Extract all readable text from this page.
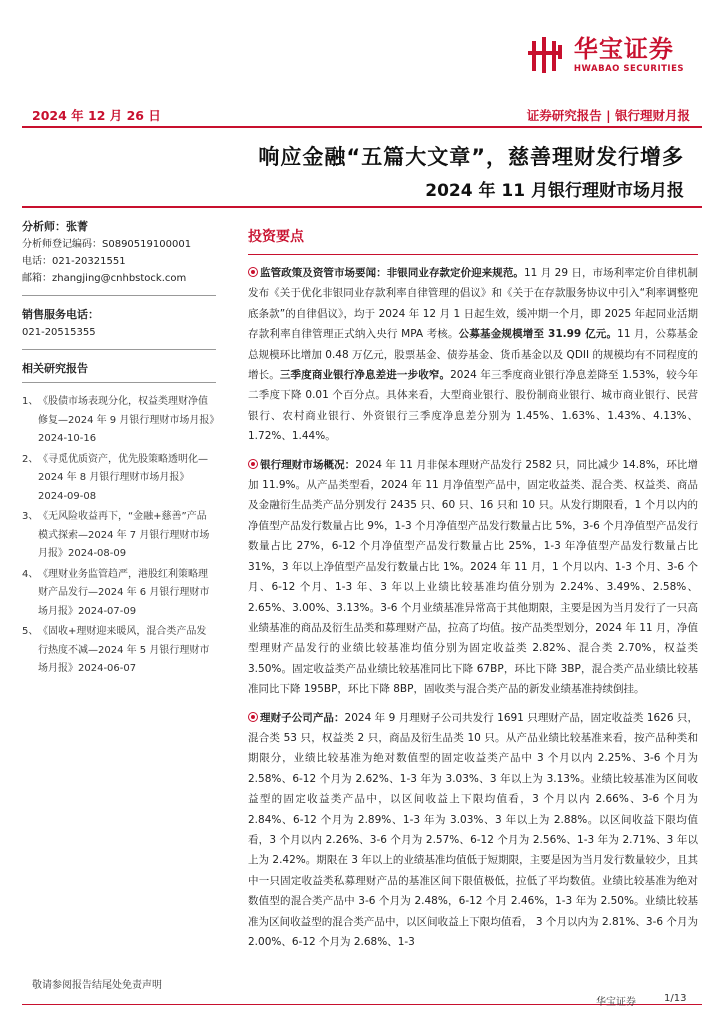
华宝证券
HWABAO SECURITIES
2024 年 12 月 26 日	证券研究报告 | 银行理财月报
响应金融“五篇大文章”，慈善理财发行增多
2024 年 11 月银行理财市场月报
分析师：张菁
分析师登记编码：S0890519100001
电话：021-20321551
邮箱：zhangjing@cnhbstock.com
销售服务电话：
021-20515355
相关研究报告
1、 《股债市场表现分化，权益类理财净值修复—2024 年 9 月银行理财市场月报》2024-10-16
2、 《寻觅优质资产，优先股策略透明化—2024 年 8 月银行理财市场月报》2024-09-08
3、 《无风险收益再下，“金融+慈善”产品模式探索—2024 年 7 月银行理财市场月报》2024-08-09
4、 《理财业务监管趋严，港股红利策略理财产品发行—2024 年 6 月银行理财市场月报》2024-07-09
5、 《固收+理财迎来暖风，混合类产品发行热度不减—2024 年 5 月银行理财市场月报》2024-06-07
投资要点

监管政策及资管市场要闻：非银同业存款定价迎来规范。11 月 29 日，市场利率定价自律机制发布《关于优化非银同业存款利率自律管理的倡议》和《关于在存款服务协议中引入“利率调整兜底条款”的自律倡议》，均于 2024 年 12 月 1 日起生效，缓冲期一个月，即 2025 年起同业活期存款利率自律管理正式纳入央行 MPA 考核。公募基金规模增至 31.99 亿元。11 月，公募基金总规模环比增加 0.48 万亿元，股票基金、债券基金、货币基金以及 QDII 的规模均有不同程度的增长。三季度商业银行净息差进一步收窄。2024 年三季度商业银行净息差降至 1.53%，较今年二季度下降 0.01 个百分点。具体来看，大型商业银行、股份制商业银行、城市商业银行、民营银行、农村商业银行、外资银行三季度净息差分别为 1.45%、1.63%、1.43%、4.13%、1.72%、1.44%。

银行理财市场概况：2024 年 11 月非保本理财产品发行 2582 只，同比减少 14.8%，环比增加 11.9%。从产品类型看，2024 年 11 月净值型产品中，固定收益类、混合类、权益类、商品及金融衍生品类产品分别发行 2435 只、60 只、16 只和 10 只。从发行期限看，1 个月以内的净值型产品发行数量占比 9%，1-3 个月净值型产品发行数量占比 5%，3-6 个月净值型产品发行数量占比 27%，6-12 个月净值型产品发行数量占比 25%，1-3 年净值型产品发行数量占比 31%，3 年以上净值型产品发行数量占比 1%。2024 年 11 月，1 个月以内、1-3 个月、3-6 个月、6-12 个月、1-3 年、3 年以上业绩比较基准均值分别为 2.24%、3.49%、2.58%、2.65%、3.00%、3.13%。3-6 个月业绩基准异常高于其他期限，主要是因为当月发行了一只高业绩基准的商品及衍生品类和募理财产品，拉高了均值。按产品类型划分，2024 年 11 月，净值型理财产品发行的业绩比较基准均值分别为固定收益类 2.82%、混合类 2.70%，权益类 3.50%。固定收益类产品业绩比较基准同比下降 67BP，环比下降 3BP，混合类产品业绩比较基准同比下降 195BP，环比下降 8BP，固收类与混合类产品的新发业绩基准持续倒挂。

理财子公司产品：2024 年 9 月理财子公司共发行 1691 只理财产品，固定收益类 1626 只，混合类 53 只，权益类 2 只，商品及衍生品类 10 只。从产品业绩比较基准来看，按产品种类和期限分，业绩比较基准为绝对数值型的固定收益类产品中 3 个月以内 2.25%、3-6 个月为 2.58%、6-12 个月为 2.62%、1-3 年为 3.03%、3 年以上为 3.13%。业绩比较基准为区间收益型的固定收益类产品中，以区间收益上下限均值看，3 个月以内 2.66%、3-6 个月为 2.84%、6-12 个月为 2.89%、1-3 年为 3.03%、3 年以上为 2.88%。以区间收益下限均值看，3 个月以内 2.26%、3-6 个月为 2.57%、6-12 个月为 2.56%、1-3 年为 2.71%、3 年以上为 2.42%。期限在 3 年以上的业绩基准均值低于短期限，主要是因为当月发行数量较少，且其中一只固定收益类私募理财产品的基准区间下限值极低，拉低了平均数值。业绩比较基准为绝对数值型的混合类产品中 3-6 个月为 2.48%，6-12 个月 2.46%，1-3 年为 2.50%。业绩比较基准为区间收益型的混合类产品中，以区间收益上下限均值看， 3 个月以内为 2.81%、3-6 个月为 2.00%、6-12 个月为 2.68%、1-3

敬请参阅报告结尾处免责声明
华宝证券	1/13
